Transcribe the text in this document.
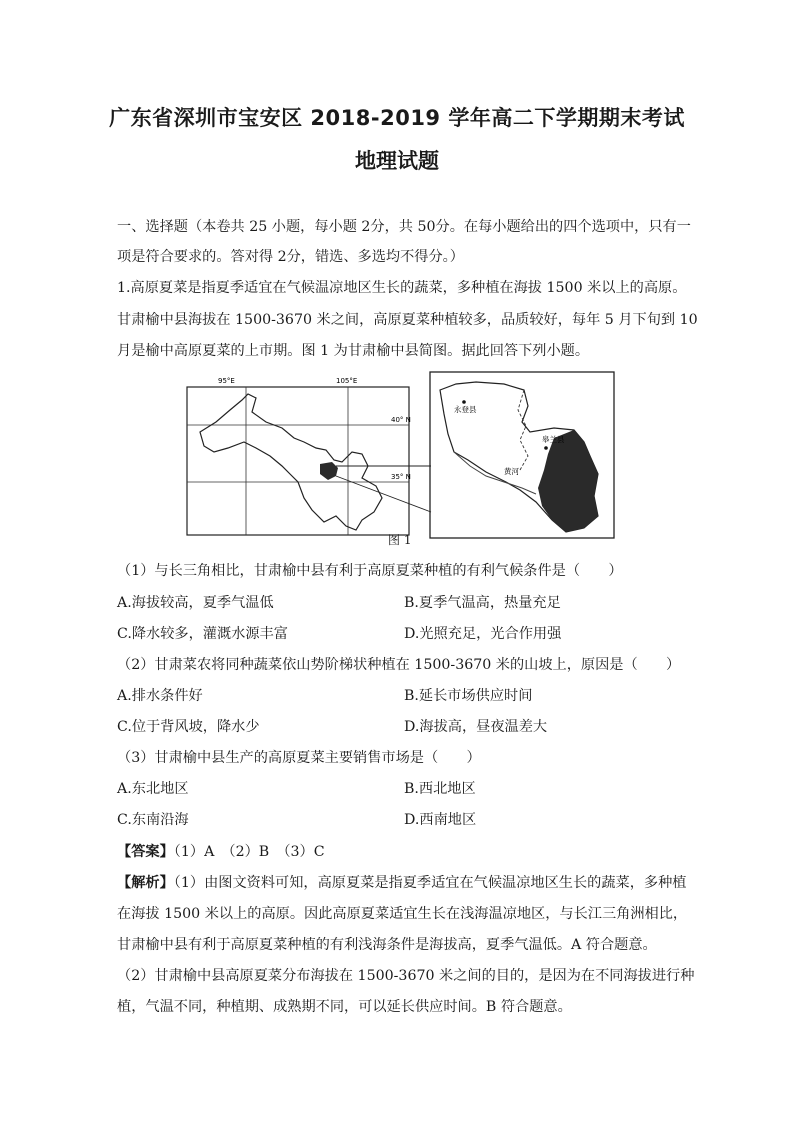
广东省深圳市宝安区 2018-2019 学年高二下学期期末考试
地理试题
一、选择题（本卷共 25 小题，每小题 2分，共 50分。在每小题给出的四个选项中，只有一
项是符合要求的。答对得 2分，错选、多选均不得分。）
1.高原夏菜是指夏季适宜在气候温凉地区生长的蔬菜，多种植在海拔 1500 米以上的高原。
甘肃榆中县海拔在 1500-3670 米之间，高原夏菜种植较多，品质较好，每年 5 月下旬到 10
月是榆中高原夏菜的上市期。图 1 为甘肃榆中县简图。据此回答下列小题。
95°E	105°E
40° N
35° N
永登县
皋兰县
黄河
图 1
（1）与长三角相比，甘肃榆中县有利于高原夏菜种植的有利气候条件是（　　）
A.海拔较高，夏季气温低	B.夏季气温高，热量充足
C.降水较多，灌溉水源丰富	D.光照充足，光合作用强
（2）甘肃菜农将同种蔬菜依山势阶梯状种植在 1500-3670 米的山坡上，原因是（　　）
A.排水条件好	B.延长市场供应时间
C.位于背风坡，降水少	D.海拔高，昼夜温差大
（3）甘肃榆中县生产的高原夏菜主要销售市场是（　　）
A.东北地区	B.西北地区
C.东南沿海	D.西南地区
【答案】（1）A　（2）B　（3）C
【解析】（1）由图文资料可知，高原夏菜是指夏季适宜在气候温凉地区生长的蔬菜，多种植
在海拔 1500 米以上的高原。因此高原夏菜适宜生长在浅海温凉地区，与长江三角洲相比，
甘肃榆中县有利于高原夏菜种植的有利浅海条件是海拔高，夏季气温低。A 符合题意。
（2）甘肃榆中县高原夏菜分布海拔在 1500-3670 米之间的目的，是因为在不同海拔进行种
植，气温不同，种植期、成熟期不同，可以延长供应时间。B 符合题意。
